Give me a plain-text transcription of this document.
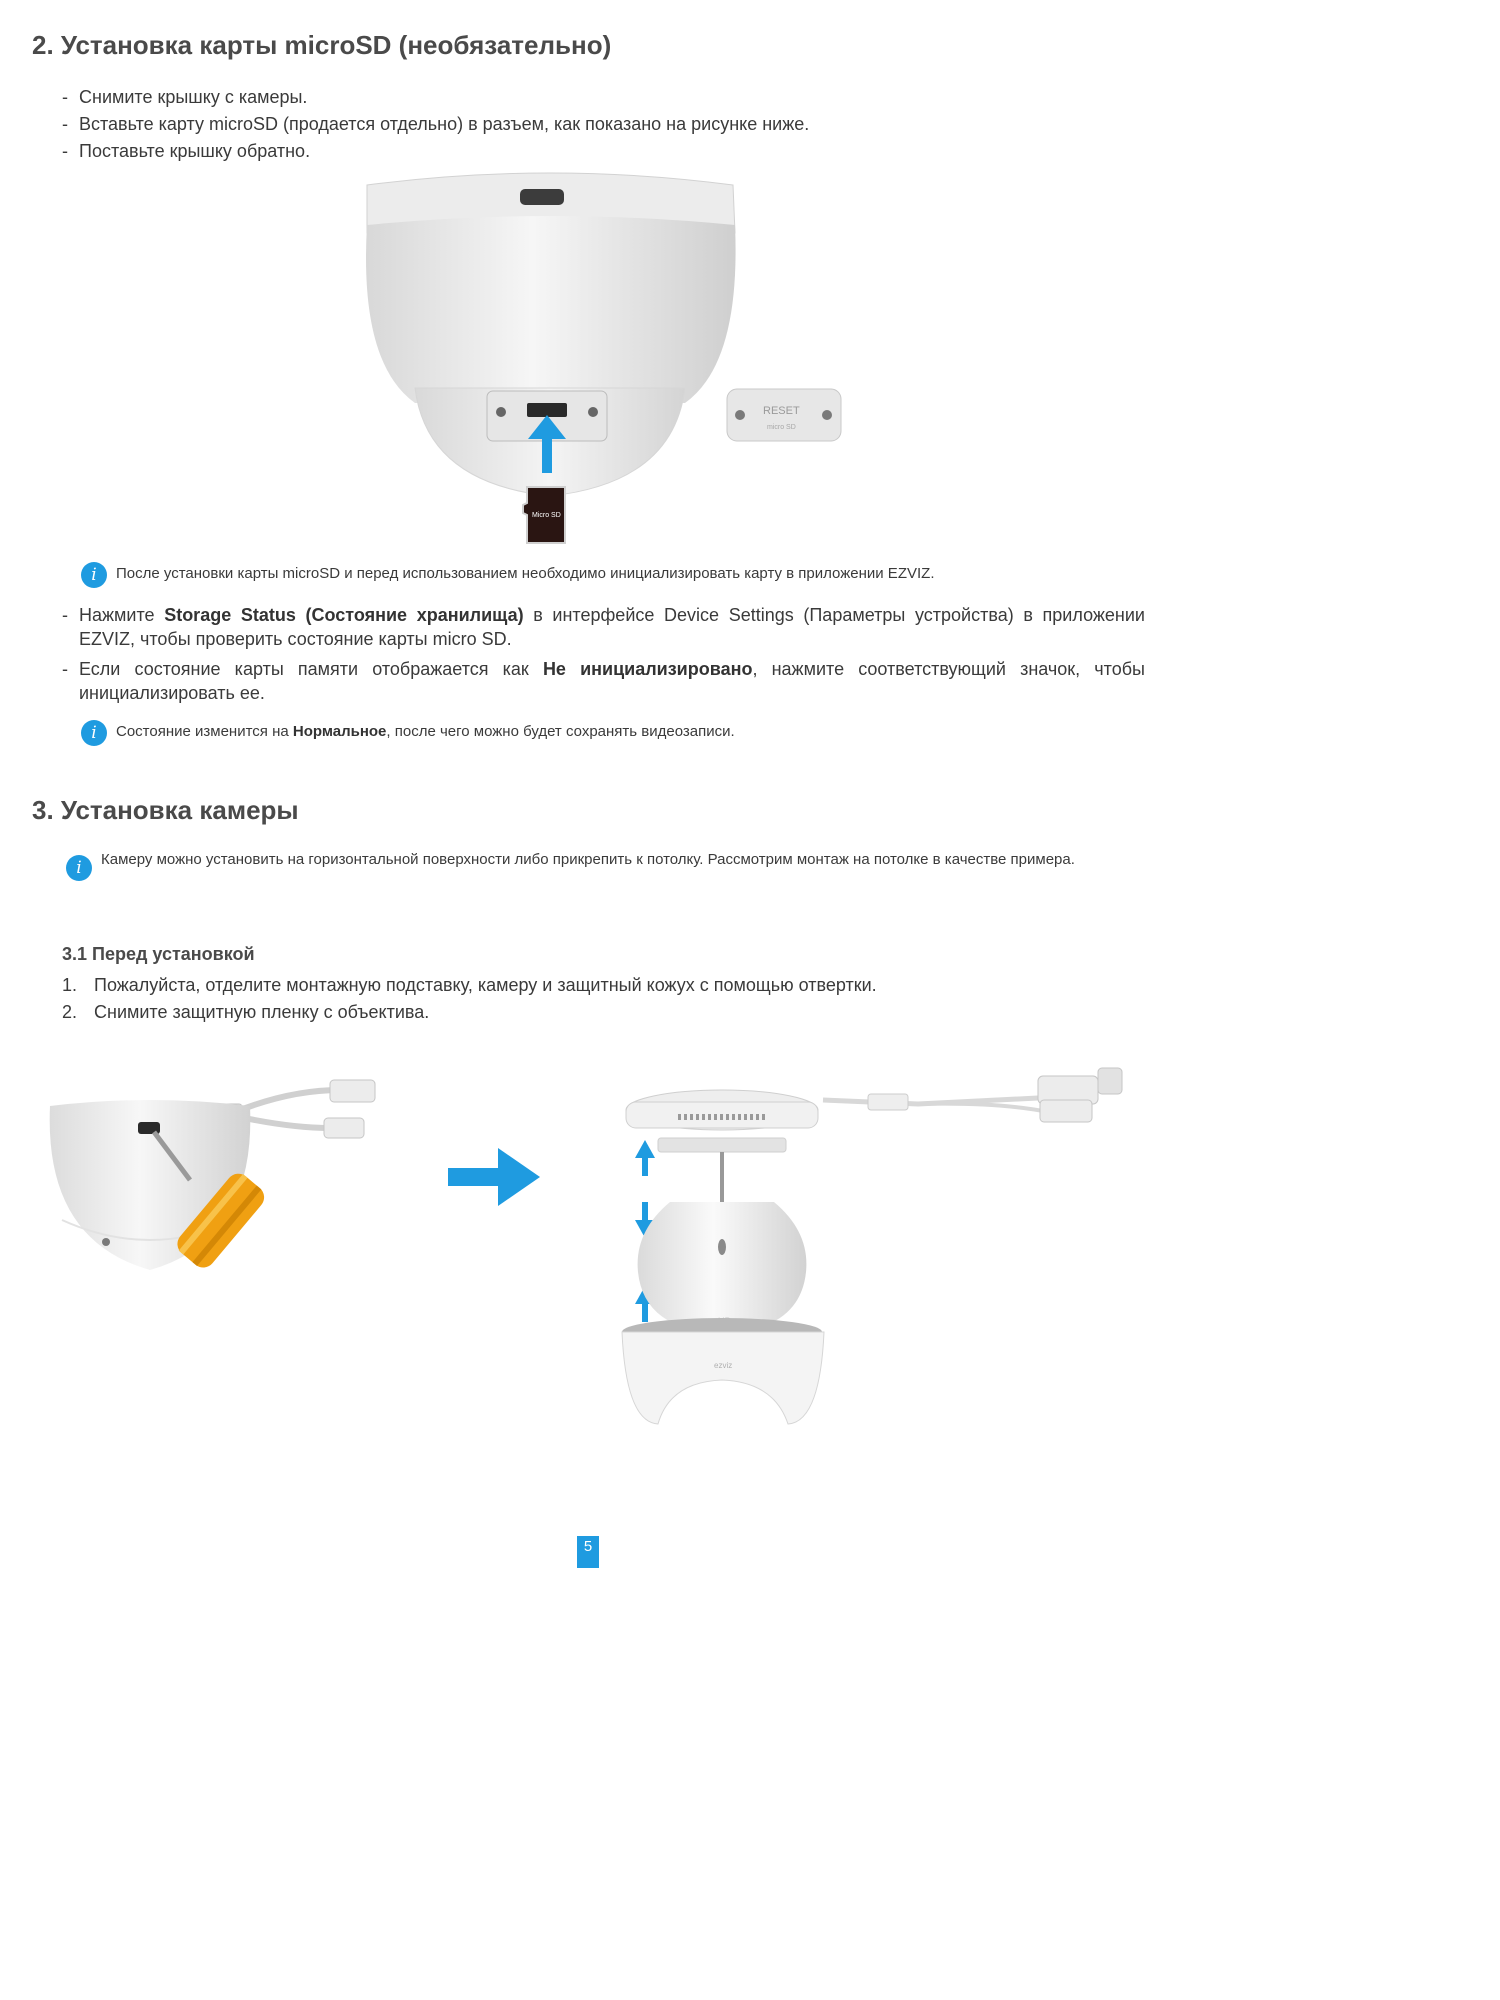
2. Установка карты microSD (необязательно)
- Снимите крышку с камеры.
- Вставьте карту microSD (продается отдельно) в разъем, как показано на рисунке ниже.
- Поставьте крышку обратно.
Micro SD
RESET
micro SD
i	После установки карты microSD и перед использованием необходимо инициализировать карту в приложении EZVIZ.
- Нажмите Storage Status (Состояние хранилища) в интерфейсе Device Settings (Параметры устройства) в приложении EZVIZ, чтобы проверить состояние карты micro SD.
- Если состояние карты памяти отображается как Не инициализировано, нажмите соответствующий значок, чтобы инициализировать ее.
i	Состояние изменится на Нормальное, после чего можно будет сохранять видеозаписи.
3. Установка камеры
i	Камеру можно установить на горизонтальной поверхности либо прикрепить к потолку. Рассмотрим монтаж на потолке в качестве примера.
3.1 Перед установкой
1. Пожалуйста, отделите монтажную подставку, камеру и защитный кожух с помощью отвертки.
2. Снимите защитную пленку с объектива.
ezviz
5
